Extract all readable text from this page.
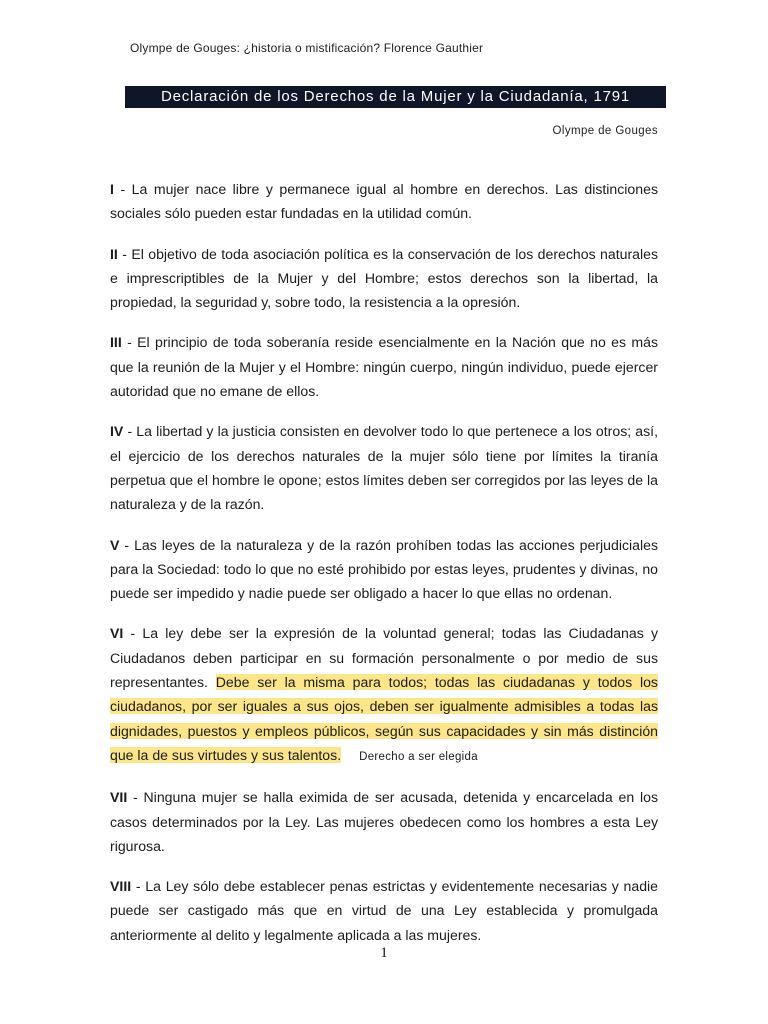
Olympe de Gouges: ¿historia o mistificación? Florence Gauthier
Declaración de los Derechos de la Mujer y la Ciudadanía, 1791
Olympe de Gouges

I - La mujer nace libre y permanece igual al hombre en derechos. Las distinciones sociales sólo pueden estar fundadas en la utilidad común.

II - El objetivo de toda asociación política es la conservación de los derechos naturales e imprescriptibles de la Mujer y del Hombre; estos derechos son la libertad, la propiedad, la seguridad y, sobre todo, la resistencia a la opresión.

III - El principio de toda soberanía reside esencialmente en la Nación que no es más que la reunión de la Mujer y el Hombre: ningún cuerpo, ningún individuo, puede ejercer autoridad que no emane de ellos.

IV - La libertad y la justicia consisten en devolver todo lo que pertenece a los otros; así, el ejercicio de los derechos naturales de la mujer sólo tiene por límites la tiranía perpetua que el hombre le opone; estos límites deben ser corregidos por las leyes de la naturaleza y de la razón.

V - Las leyes de la naturaleza y de la razón prohíben todas las acciones perjudiciales para la Sociedad: todo lo que no esté prohibido por estas leyes, prudentes y divinas, no puede ser impedido y nadie puede ser obligado a hacer lo que ellas no ordenan.

VI - La ley debe ser la expresión de la voluntad general; todas las Ciudadanas y Ciudadanos deben participar en su formación personalmente o por medio de sus representantes. Debe ser la misma para todos; todas las ciudadanas y todos los ciudadanos, por ser iguales a sus ojos, deben ser igualmente admisibles a todas las dignidades, puestos y empleos públicos, según sus capacidades y sin más distinción que la de sus virtudes y sus talentos. Derecho a ser elegida

VII - Ninguna mujer se halla eximida de ser acusada, detenida y encarcelada en los casos determinados por la Ley. Las mujeres obedecen como los hombres a esta Ley rigurosa.

VIII - La Ley sólo debe establecer penas estrictas y evidentemente necesarias y nadie puede ser castigado más que en virtud de una Ley establecida y promulgada anteriormente al delito y legalmente aplicada a las mujeres.

1
